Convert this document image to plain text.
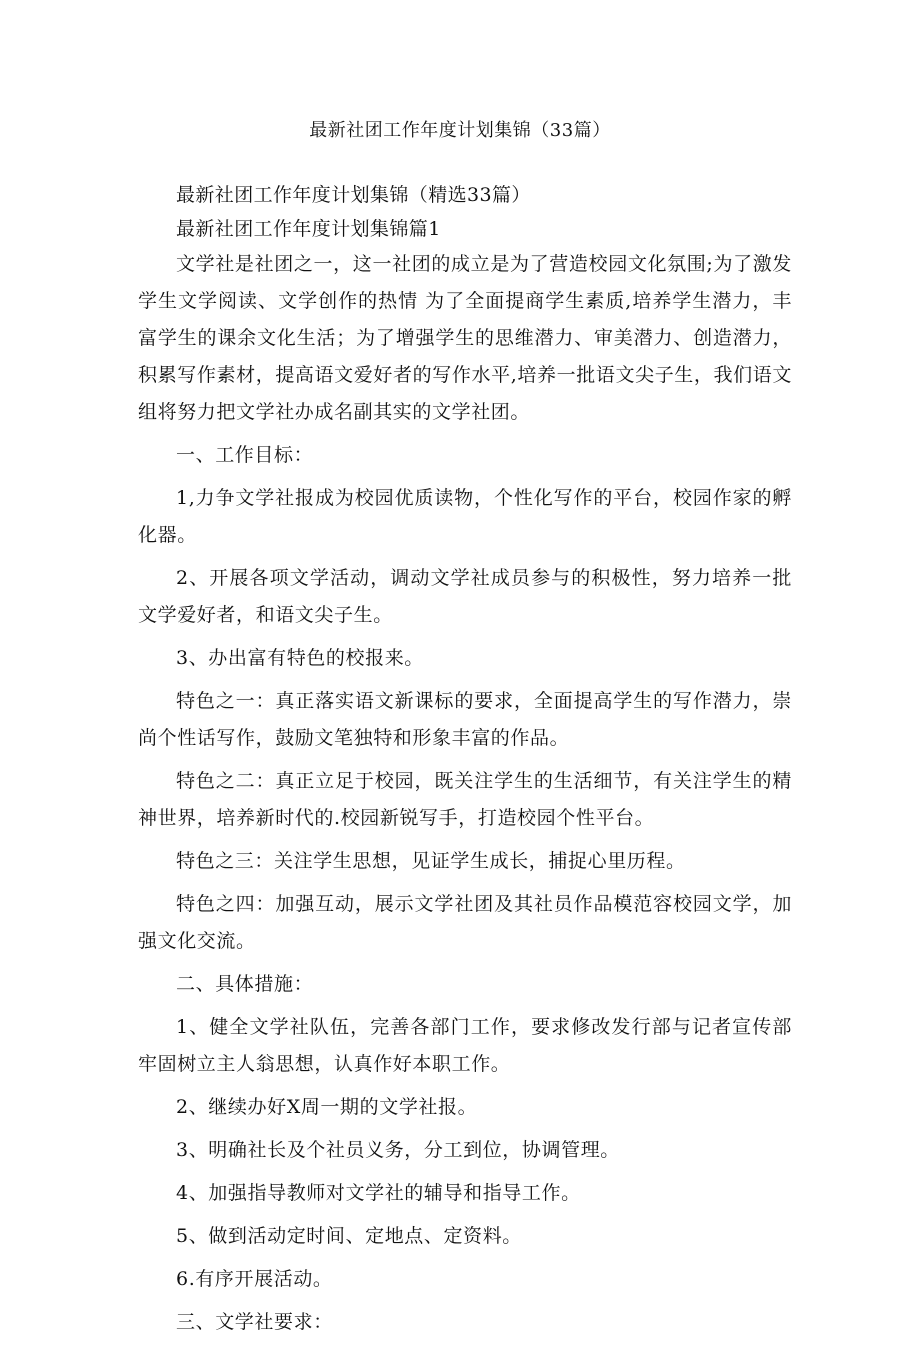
最新社团工作年度计划集锦（33篇）
最新社团工作年度计划集锦（精选33篇）
最新社团工作年度计划集锦篇1

文学社是社团之一，这一社团的成立是为了营造校园文化氛围;为了激发学生文学阅读、文学创作的热情 为了全面提商学生素质,培养学生潜力，丰富学生的课余文化生活；为了增强学生的思维潜力、审美潜力、创造潜力，积累写作素材，提高语文爱好者的写作水平,培养一批语文尖子生，我们语文组将努力把文学社办成名副其实的文学社团。

一、工作目标：

1,力争文学社报成为校园优质读物，个性化写作的平台，校园作家的孵化器。

2、开展各项文学活动，调动文学社成员参与的积极性，努力培养一批文学爱好者，和语文尖子生。

3、办出富有特色的校报来。

特色之一：真正落实语文新课标的要求，全面提高学生的写作潜力，崇尚个性话写作，鼓励文笔独特和形象丰富的作品。

特色之二：真正立足于校园，既关注学生的生活细节，有关注学生的精神世界，培养新时代的.校园新锐写手，打造校园个性平台。

特色之三：关注学生思想，见证学生成长，捕捉心里历程。

特色之四：加强互动，展示文学社团及其社员作品模范容校园文学，加强文化交流。

二、具体措施：

1、健全文学社队伍，完善各部门工作，要求修改发行部与记者宣传部牢固树立主人翁思想，认真作好本职工作。

2、继续办好X周一期的文学社报。

3、明确社长及个社员义务，分工到位，协调管理。

4、加强指导教师对文学社的辅导和指导工作。

5、做到活动定时间、定地点、定资料。

6.有序开展活动。

三、文学社要求：
